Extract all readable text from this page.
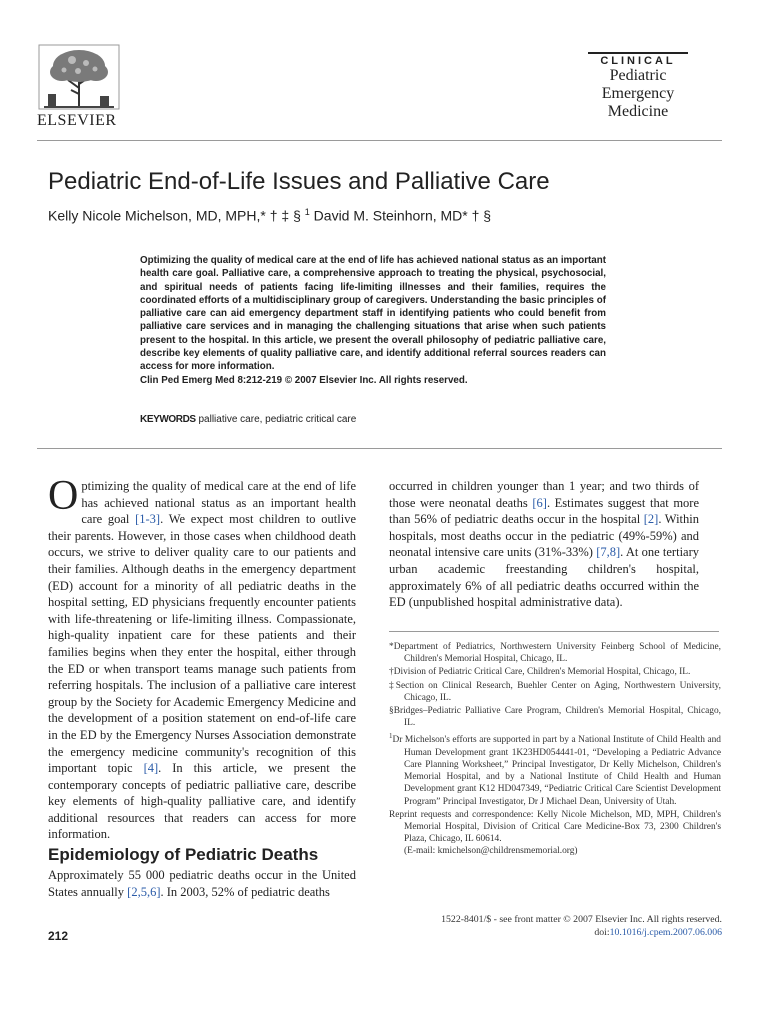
ELSEVIER
CLINICAL
Pediatric
Emergency
Medicine
Pediatric End-of-Life Issues and Palliative Care
Kelly Nicole Michelson, MD, MPH,* † ‡ § $^1$ David M. Steinhorn, MD* † §
Optimizing the quality of medical care at the end of life has achieved national status as an important health care goal. Palliative care, a comprehensive approach to treating the physical, psychosocial, and spiritual needs of patients facing life-limiting illnesses and their families, requires the coordinated efforts of a multidisciplinary group of caregivers. Understanding the basic principles of palliative care can aid emergency department staff in identifying patients who could benefit from palliative care services and in managing the challenging situations that arise when such patients present to the hospital. In this article, we present the overall philosophy of pediatric palliative care, describe key elements of quality palliative care, and identify additional referral sources readers can access for more information.
Clin Ped Emerg Med 8:212-219 © 2007 Elsevier Inc. All rights reserved.
KEYWORDS palliative care, pediatric critical care
Optimizing the quality of medical care at the end of life has achieved national status as an important health care goal [1-3]. We expect most children to outlive their parents. However, in those cases when childhood death occurs, we strive to deliver quality care to our patients and their families. Although deaths in the emergency department (ED) account for a minority of all pediatric deaths in the hospital setting, ED physicians frequently encounter patients with life-threatening or life-limiting illness. Compassionate, high-quality inpatient care for these patients and their families begins when they enter the hospital, either through the ED or when transport teams manage such patients from referring hospitals. The inclusion of a palliative care interest group by the Society for Academic Emergency Medicine and the development of a position statement on end-of-life care in the ED by the Emergency Nurses Association demonstrate the emergency medicine community's recognition of this important topic [4]. In this article, we present the contemporary concepts of pediatric palliative care, describe key elements of high-quality palliative care, and identify additional resources that readers can access for more information.
Epidemiology of Pediatric Deaths
Approximately 55 000 pediatric deaths occur in the United States annually [2,5,6]. In 2003, 52% of pediatric deaths
occurred in children younger than 1 year; and two thirds of those were neonatal deaths [6]. Estimates suggest that more than 56% of pediatric deaths occur in the hospital [2]. Within hospitals, most deaths occur in the pediatric (49%-59%) and neonatal intensive care units (31%-33%) [7,8]. At one tertiary urban academic freestanding children's hospital, approximately 6% of all pediatric deaths occurred within the ED (unpublished hospital administrative data).
*Department of Pediatrics, Northwestern University Feinberg School of Medicine, Children's Memorial Hospital, Chicago, IL.
†Division of Pediatric Critical Care, Children's Memorial Hospital, Chicago, IL.
‡Section on Clinical Research, Buehler Center on Aging, Northwestern University, Chicago, IL.
§Bridges–Pediatric Palliative Care Program, Children's Memorial Hospital, Chicago, IL.
$^1$Dr Michelson's efforts are supported in part by a National Institute of Child Health and Human Development grant 1K23HD054441-01, “Developing a Pediatric Advance Care Planning Worksheet,” Principal Investigator, Dr Kelly Michelson, Children's Memorial Hospital, and by a National Institute of Child Health and Human Development grant K12 HD047349, “Pediatric Critical Care Scientist Development Program” Principal Investigator, Dr J Michael Dean, University of Utah.
Reprint requests and correspondence: Kelly Nicole Michelson, MD, MPH, Children's Memorial Hospital, Division of Critical Care Medicine-Box 73, 2300 Children's Plaza, Chicago, IL 60614.
(E-mail: kmichelson@childrensmemorial.org)
1522-8401/$ - see front matter © 2007 Elsevier Inc. All rights reserved.
doi:10.1016/j.cpem.2007.06.006
212
